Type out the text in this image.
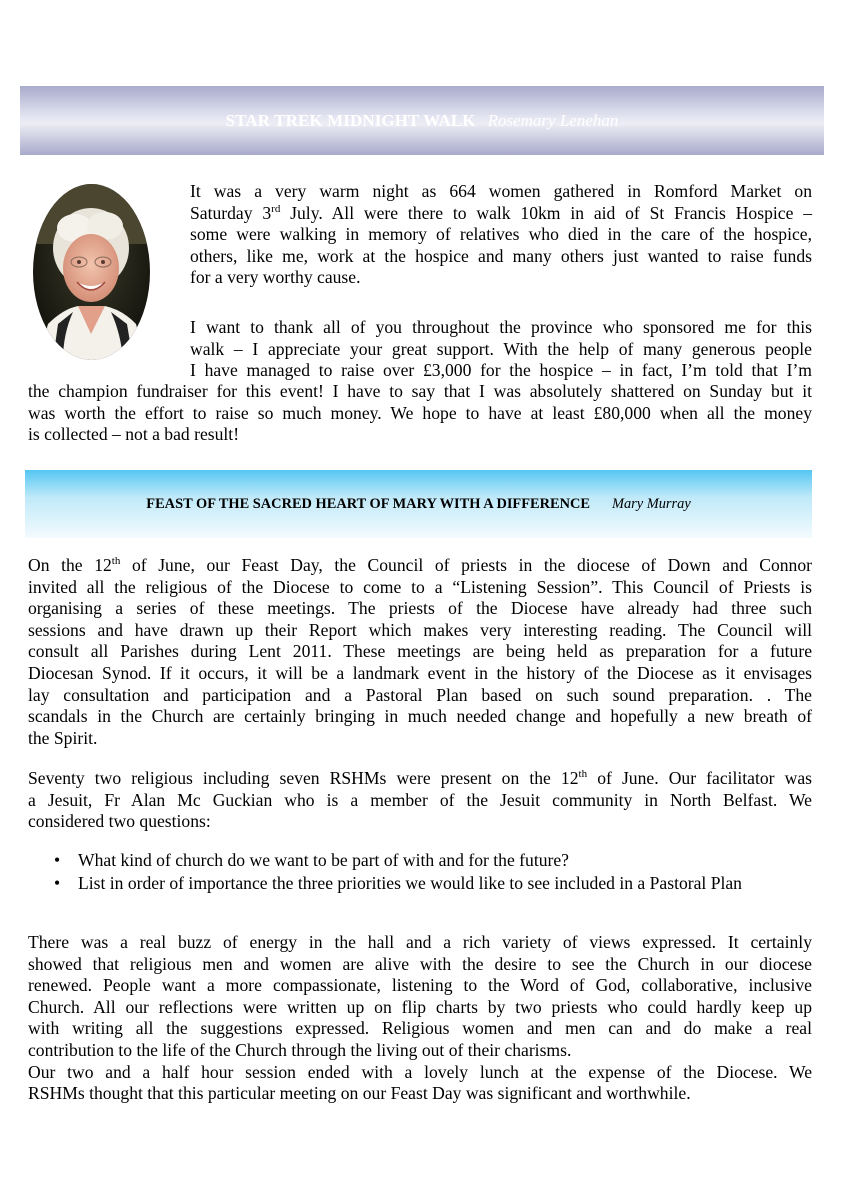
STAR TREK MIDNIGHT WALK Rosemary Lenehan

It was a very warm night as 664 women gathered in Romford Market on
Saturday 3rd July. All were there to walk 10km in aid of St Francis Hospice –
some were walking in memory of relatives who died in the care of the hospice,
others, like me, work at the hospice and many others just wanted to raise funds
for a very worthy cause.

I want to thank all of you throughout the province who sponsored me for this
walk – I appreciate your great support. With the help of many generous people
I have managed to raise over £3,000 for the hospice – in fact, I’m told that I’m

the champion fundraiser for this event! I have to say that I was absolutely shattered on Sunday but it
was worth the effort to raise so much money. We hope to have at least £80,000 when all the money
is collected – not a bad result!

FEAST OF THE SACRED HEART OF MARY WITH A DIFFERENCE Mary Murray

On the 12th of June, our Feast Day, the Council of priests in the diocese of Down and Connor
invited all the religious of the Diocese to come to a “Listening Session”. This Council of Priests is
organising a series of these meetings. The priests of the Diocese have already had three such
sessions and have drawn up their Report which makes very interesting reading. The Council will
consult all Parishes during Lent 2011. These meetings are being held as preparation for a future
Diocesan Synod. If it occurs, it will be a landmark event in the history of the Diocese as it envisages
lay consultation and participation and a Pastoral Plan based on such sound preparation. . The
scandals in the Church are certainly bringing in much needed change and hopefully a new breath of
the Spirit.

Seventy two religious including seven RSHMs were present on the 12th of June. Our facilitator was
a Jesuit, Fr Alan Mc Guckian who is a member of the Jesuit community in North Belfast. We
considered two questions:

• What kind of church do we want to be part of with and for the future?
• List in order of importance the three priorities we would like to see included in a Pastoral Plan

There was a real buzz of energy in the hall and a rich variety of views expressed. It certainly
showed that religious men and women are alive with the desire to see the Church in our diocese
renewed. People want a more compassionate, listening to the Word of God, collaborative, inclusive
Church. All our reflections were written up on flip charts by two priests who could hardly keep up
with writing all the suggestions expressed. Religious women and men can and do make a real
contribution to the life of the Church through the living out of their charisms.
Our two and a half hour session ended with a lovely lunch at the expense of the Diocese. We
RSHMs thought that this particular meeting on our Feast Day was significant and worthwhile.
